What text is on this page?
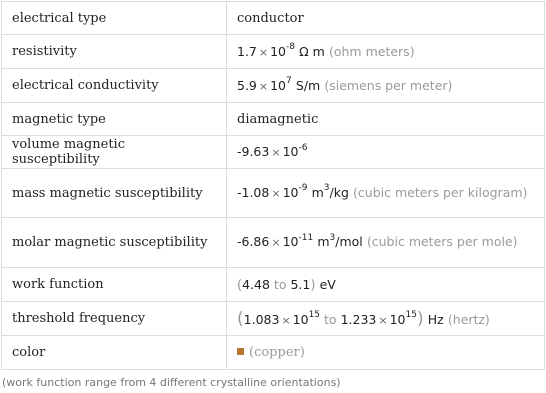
electrical type	conductor
resistivity	$1.7 \times 10^{-8}$ Ω m (ohm meters)
electrical conductivity	$5.9 \times 10^7$ S/m (siemens per meter)
magnetic type	diamagnetic
volume magnetic susceptibility	$-9.63 \times 10^{-6}$
mass magnetic susceptibility	$-1.08 \times 10^{-9}$ $m^3/kg$ (cubic meters per kilogram)
molar magnetic susceptibility	$-6.86 \times 10^{-11}$ $m^3$/mol (cubic meters per mole)
work function	(4.48 to 5.1) eV
threshold frequency	($1.083 \times 10^{15}$ to $1.233 \times 10^{15}$) Hz (hertz)
color	(copper)
(work function range from 4 different crystalline orientations)
